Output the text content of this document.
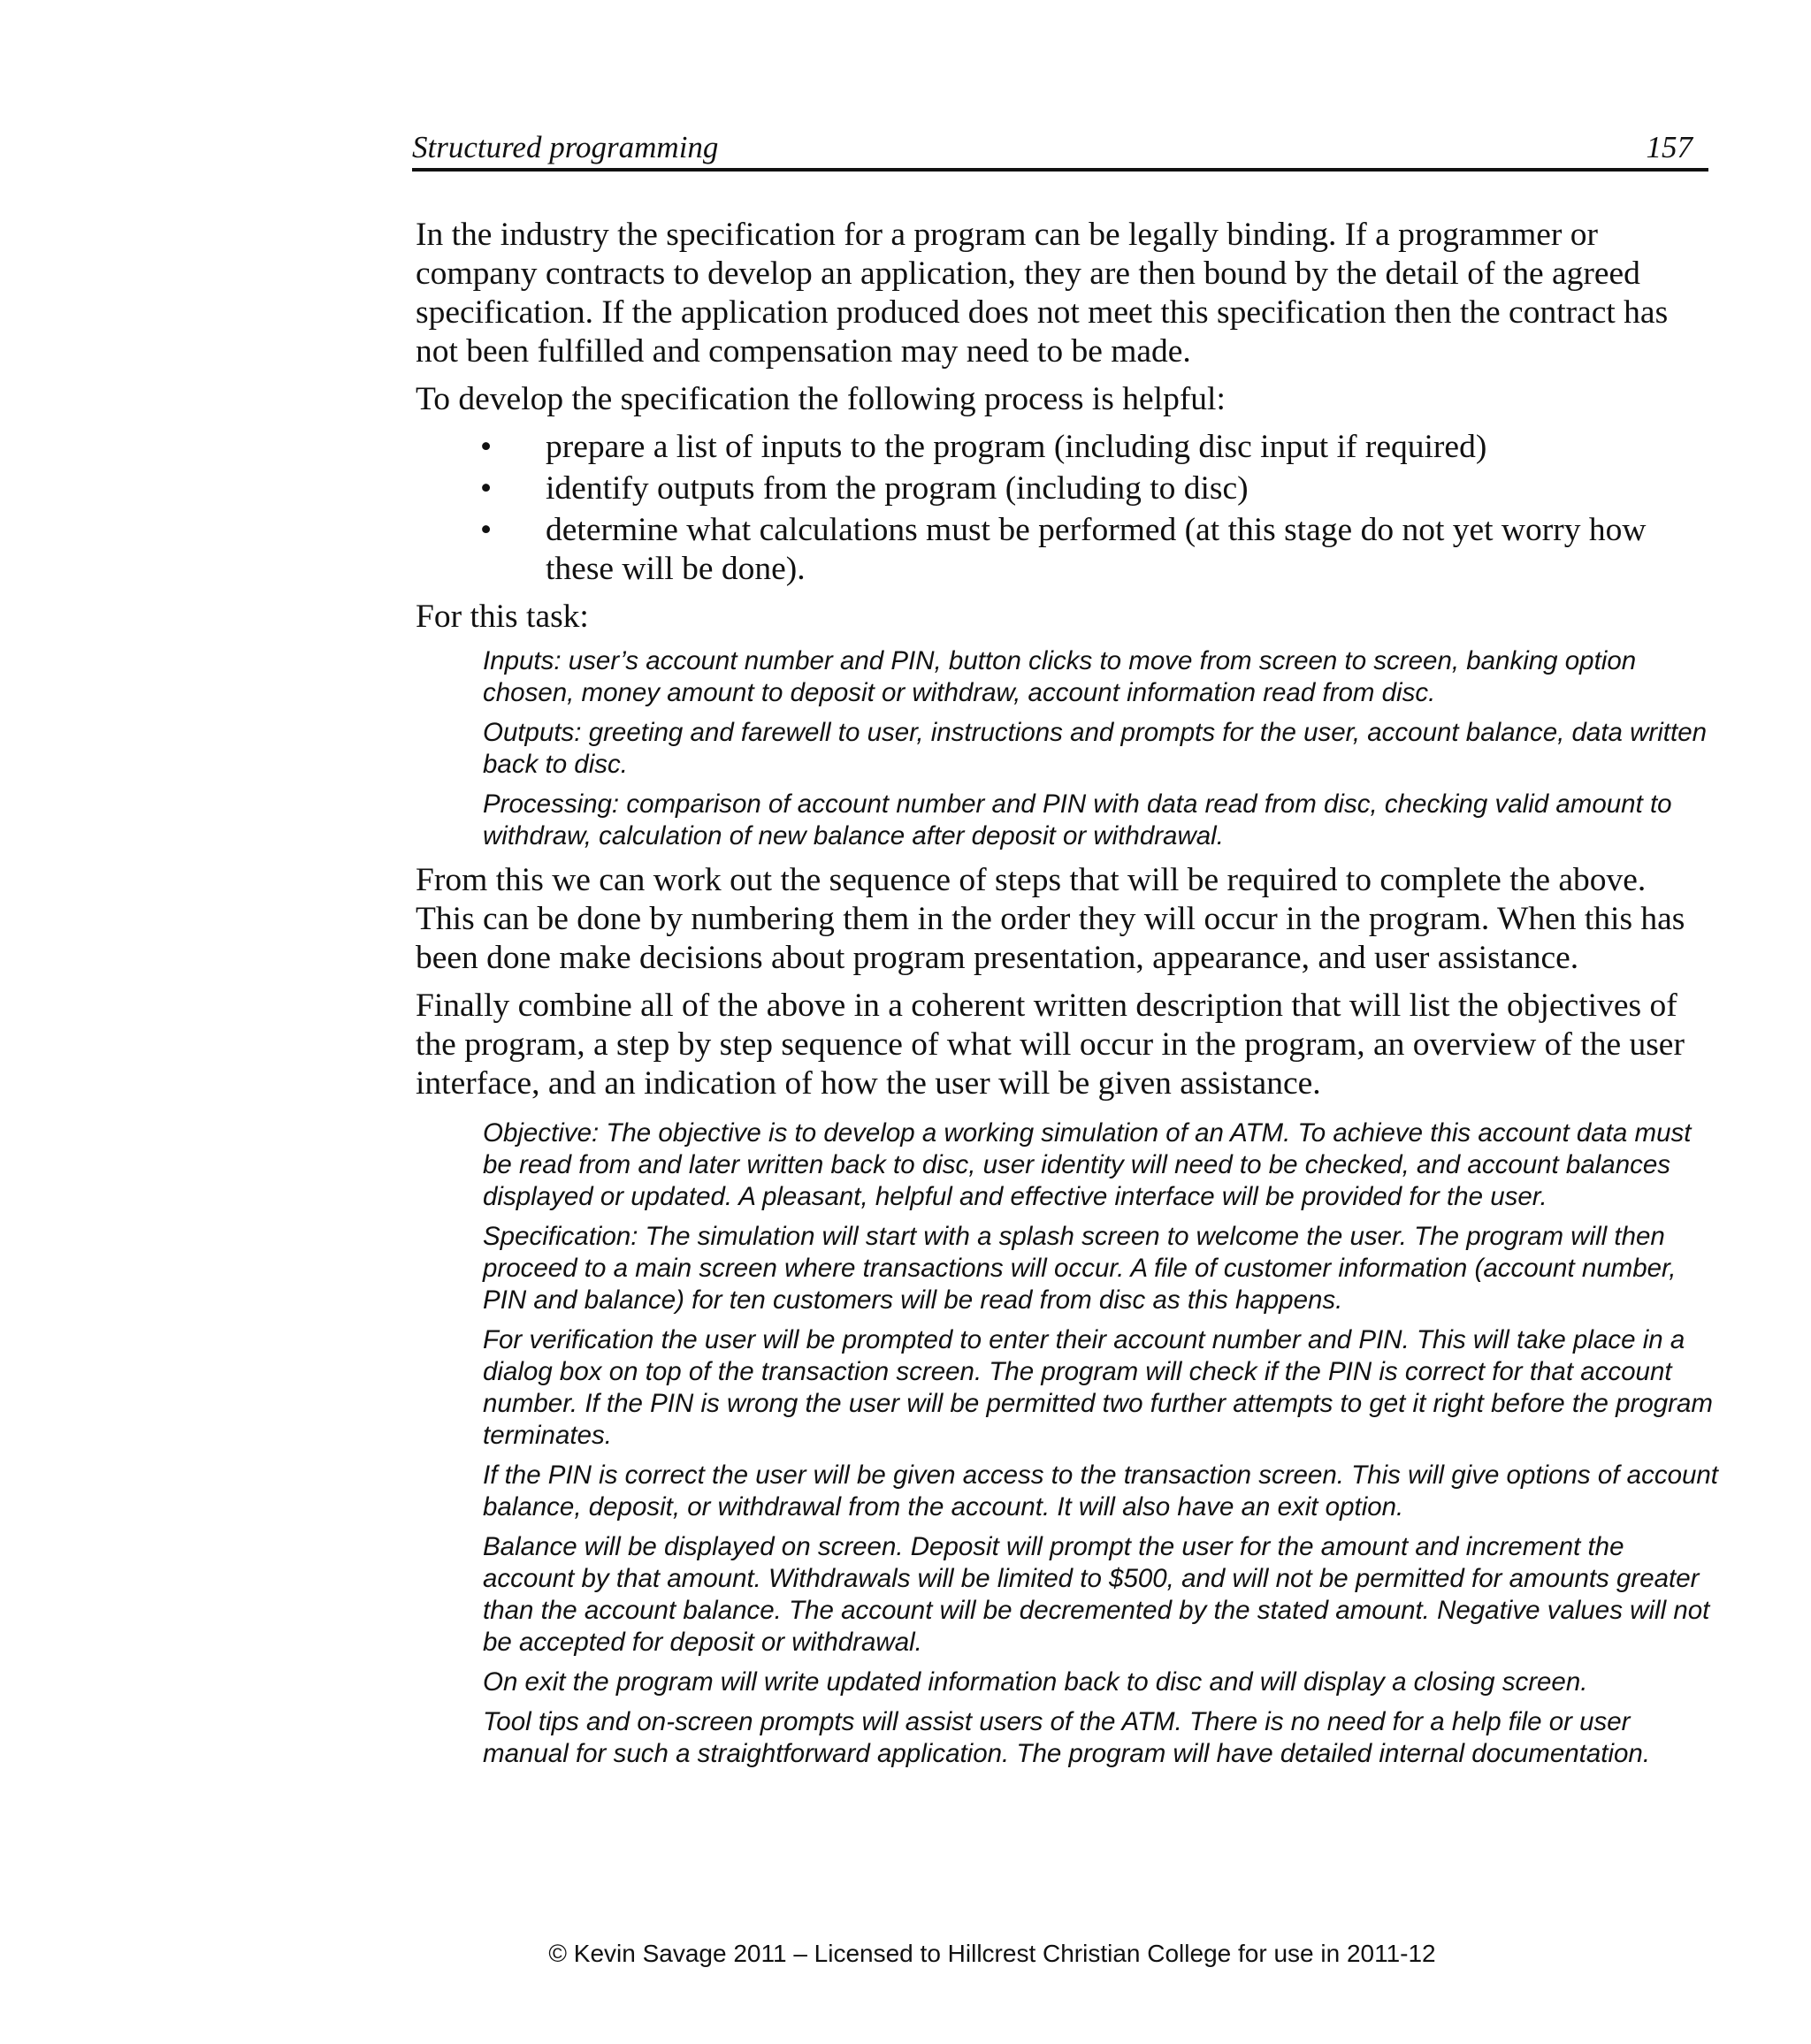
Structured programming	157

In the industry the specification for a program can be legally binding. If a programmer or company contracts to develop an application, they are then bound by the detail of the agreed specification. If the application produced does not meet this specification then the contract has not been fulfilled and compensation may need to be made.

To develop the specification the following process is helpful:

• prepare a list of inputs to the program (including disc input if required)
• identify outputs from the program (including to disc)
• determine what calculations must be performed (at this stage do not yet worry how these will be done).

For this task:

Inputs: user’s account number and PIN, button clicks to move from screen to screen, banking option chosen, money amount to deposit or withdraw, account information read from disc.

Outputs: greeting and farewell to user, instructions and prompts for the user, account balance, data written back to disc.

Processing: comparison of account number and PIN with data read from disc, checking valid amount to withdraw, calculation of new balance after deposit or withdrawal.

From this we can work out the sequence of steps that will be required to complete the above. This can be done by numbering them in the order they will occur in the program. When this has been done make decisions about program presentation, appearance, and user assistance.

Finally combine all of the above in a coherent written description that will list the objectives of the program, a step by step sequence of what will occur in the program, an overview of the user interface, and an indication of how the user will be given assistance.

Objective: The objective is to develop a working simulation of an ATM. To achieve this account data must be read from and later written back to disc, user identity will need to be checked, and account balances displayed or updated. A pleasant, helpful and effective interface will be provided for the user.

Specification: The simulation will start with a splash screen to welcome the user. The program will then proceed to a main screen where transactions will occur. A file of customer information (account number, PIN and balance) for ten customers will be read from disc as this happens.

For verification the user will be prompted to enter their account number and PIN. This will take place in a dialog box on top of the transaction screen. The program will check if the PIN is correct for that account number. If the PIN is wrong the user will be permitted two further attempts to get it right before the program terminates.

If the PIN is correct the user will be given access to the transaction screen. This will give options of account balance, deposit, or withdrawal from the account. It will also have an exit option.

Balance will be displayed on screen. Deposit will prompt the user for the amount and increment the account by that amount. Withdrawals will be limited to $500, and will not be permitted for amounts greater than the account balance. The account will be decremented by the stated amount. Negative values will not be accepted for deposit or withdrawal.

On exit the program will write updated information back to disc and will display a closing screen.

Tool tips and on-screen prompts will assist users of the ATM. There is no need for a help file or user manual for such a straightforward application. The program will have detailed internal documentation.

© Kevin Savage 2011 – Licensed to Hillcrest Christian College for use in 2011-12
